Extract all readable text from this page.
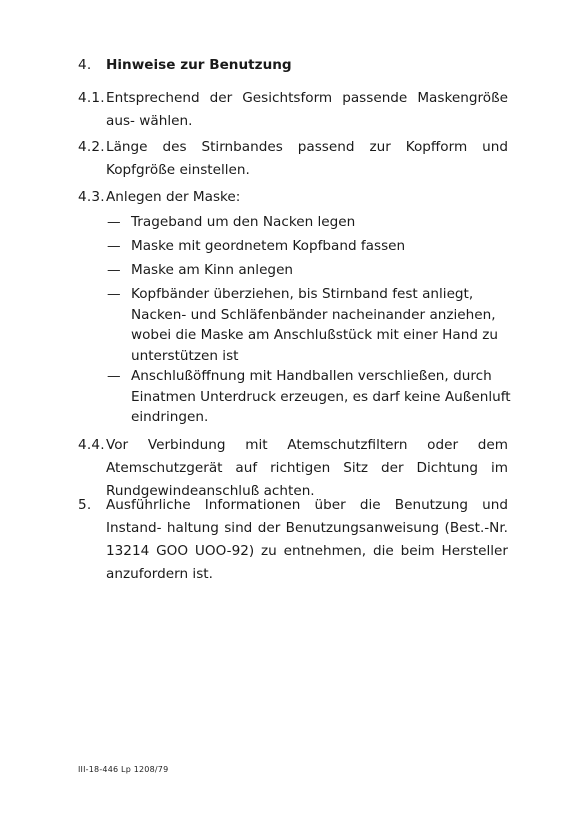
4.	Hinweise zur Benutzung
4.1. Entsprechend der Gesichtsform passende Maskengröße aus- wählen.
4.2. Länge des Stirnbandes passend zur Kopfform und Kopfgröße einstellen.
4.3. Anlegen der Maske:
— Trageband um den Nacken legen
— Maske mit geordnetem Kopfband fassen
— Maske am Kinn anlegen
— Kopfbänder überziehen, bis Stirnband fest anliegt, Nacken- und Schläfenbänder nacheinander anziehen, wobei die Maske am Anschlußstück mit einer Hand zu unterstützen ist
— Anschlußöffnung mit Handballen verschließen, durch Einatmen Unterdruck erzeugen, es darf keine Außenluft eindringen.
4.4. Vor Verbindung mit Atemschutzfiltern oder dem Atemschutzgerät auf richtigen Sitz der Dichtung im Rundgewindeanschluß achten.
5.	Ausführliche Informationen über die Benutzung und Instand- haltung sind der Benutzungsanweisung (Best.-Nr. 13214 GOO UOO-92) zu entnehmen, die beim Hersteller anzufordern ist.
III-18-446 Lp 1208/79
